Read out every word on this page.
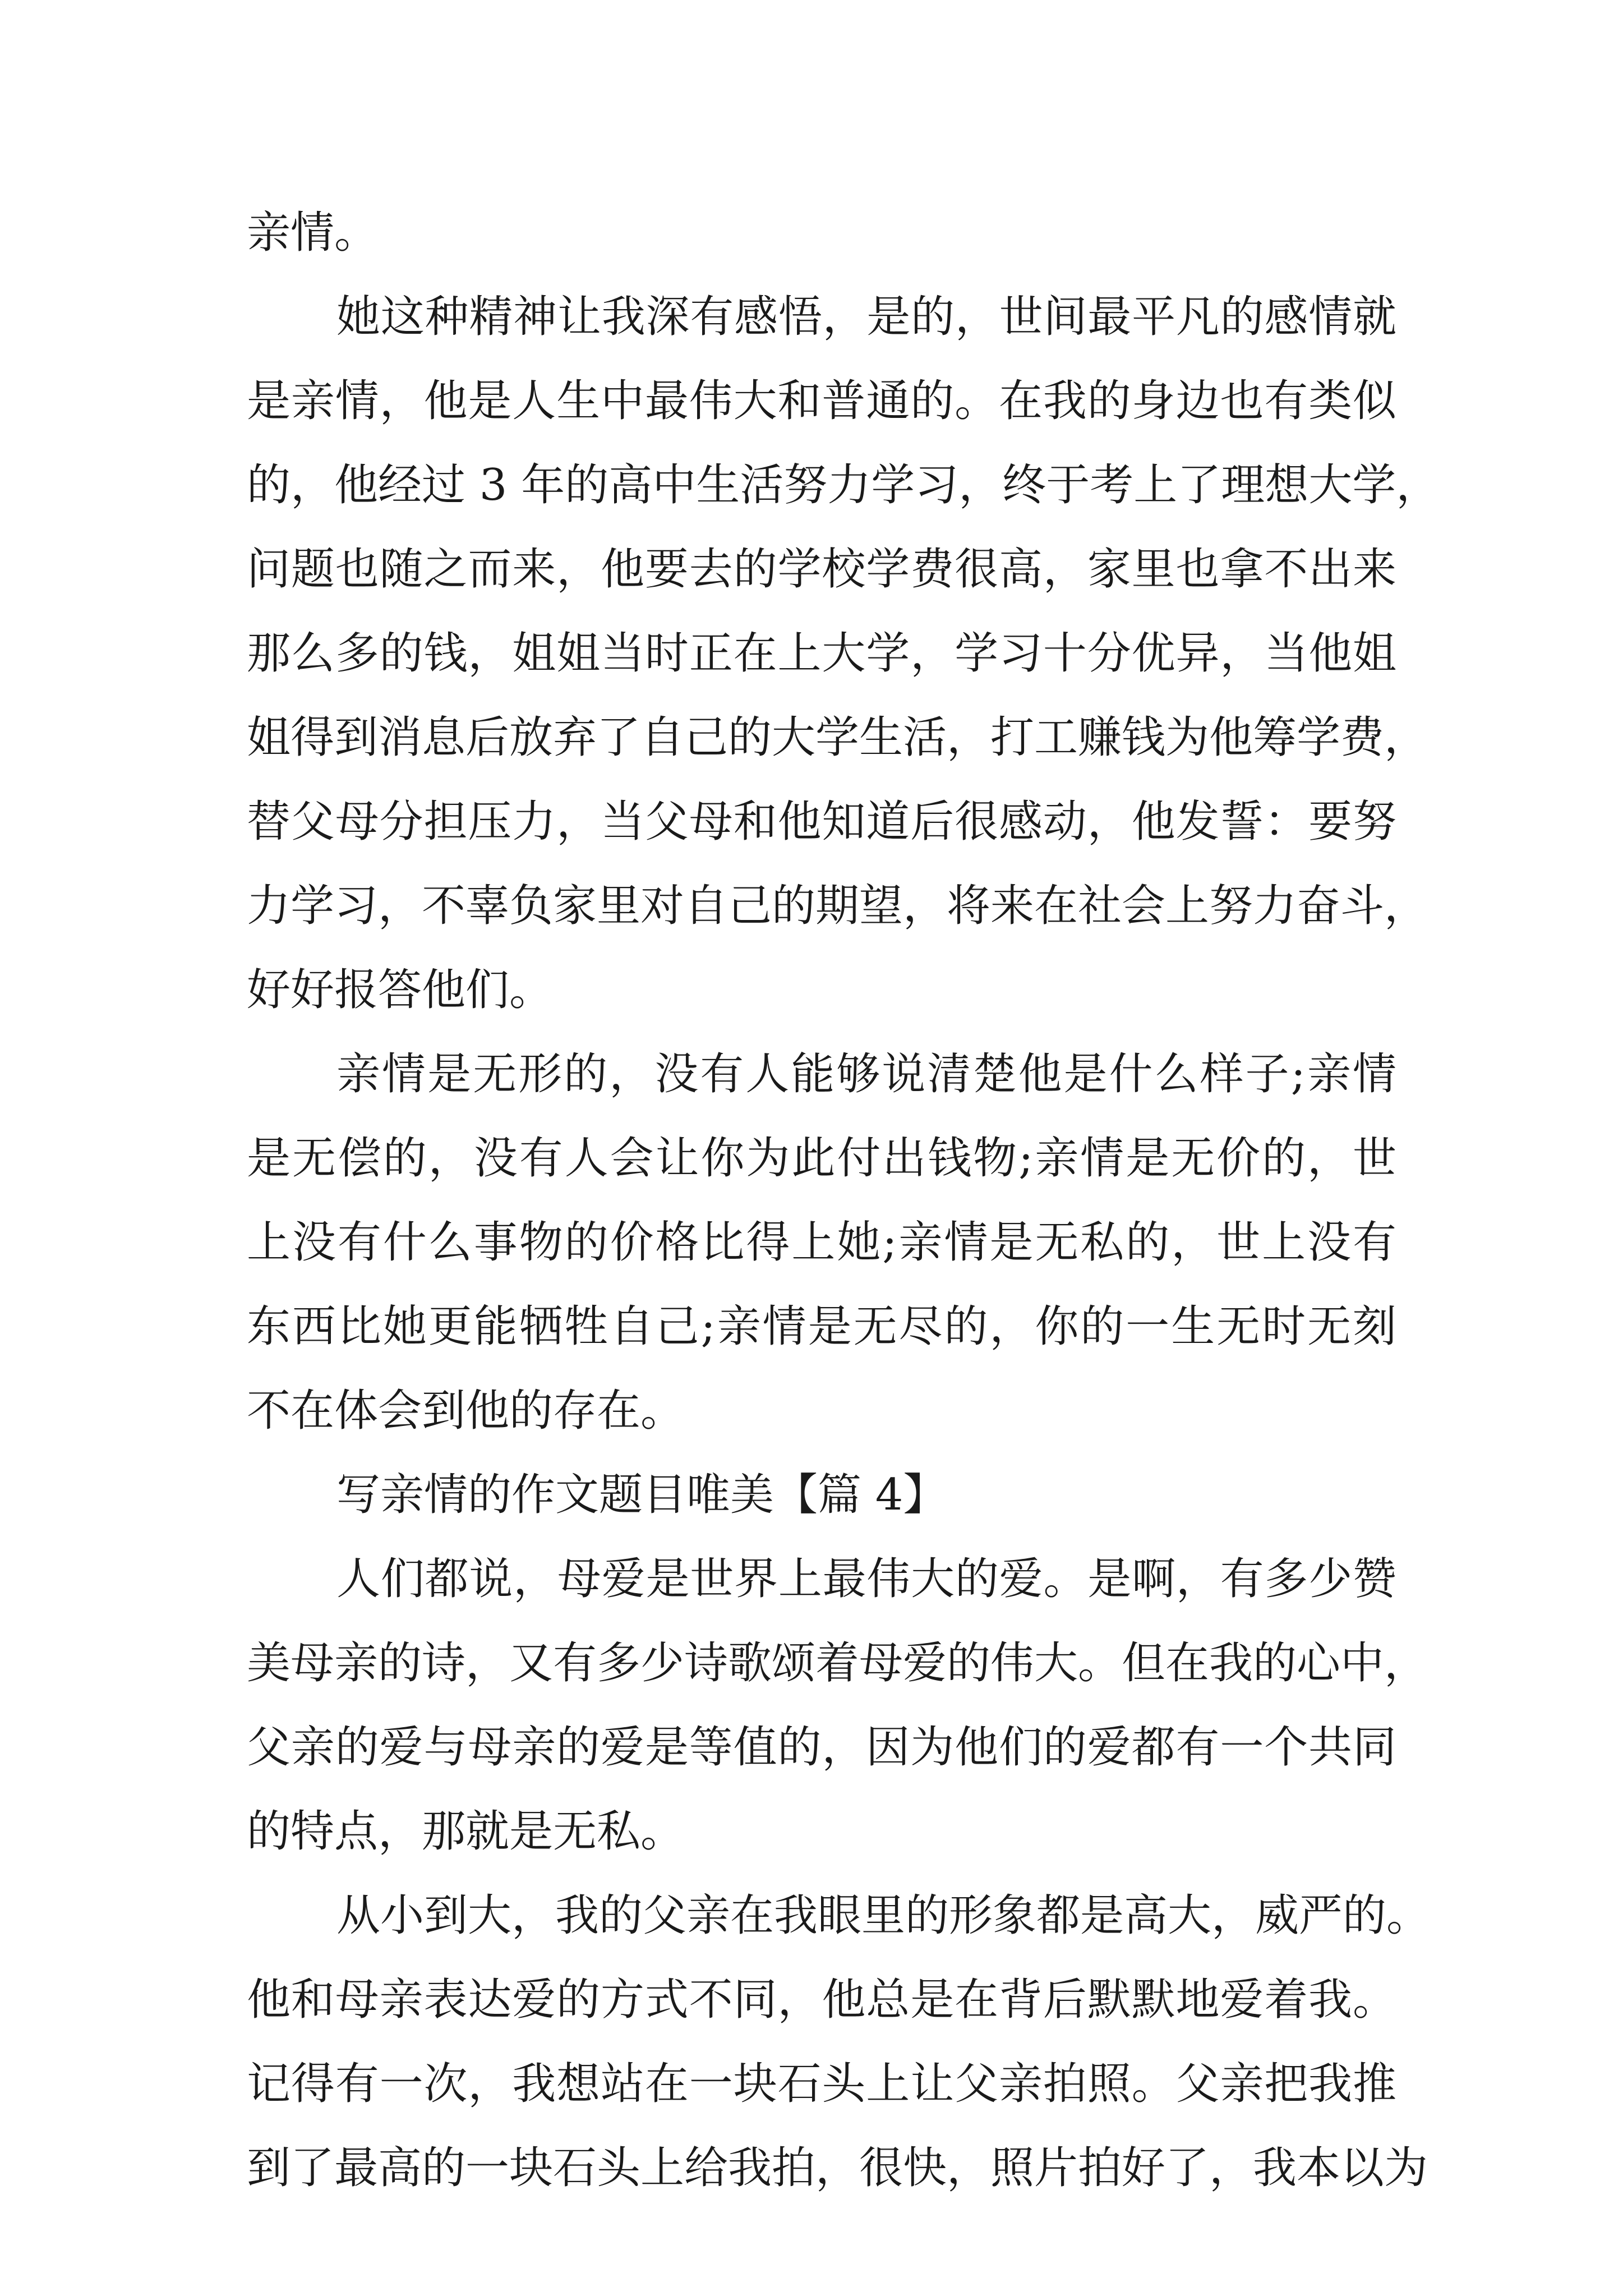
亲情。
她这种精神让我深有感悟，是的，世间最平凡的感情就
是亲情，他是人生中最伟大和普通的。在我的身边也有类似
的，他经过 3 年的高中生活努力学习，终于考上了理想大学，
问题也随之而来，他要去的学校学费很高，家里也拿不出来
那么多的钱，姐姐当时正在上大学，学习十分优异，当他姐
姐得到消息后放弃了自己的大学生活，打工赚钱为他筹学费，
替父母分担压力，当父母和他知道后很感动，他发誓：要努
力学习，不辜负家里对自己的期望，将来在社会上努力奋斗，
好好报答他们。
亲情是无形的，没有人能够说清楚他是什么样子;亲情
是无偿的，没有人会让你为此付出钱物;亲情是无价的，世
上没有什么事物的价格比得上她;亲情是无私的，世上没有
东西比她更能牺牲自己;亲情是无尽的，你的一生无时无刻
不在体会到他的存在。
写亲情的作文题目唯美【篇 4】
人们都说，母爱是世界上最伟大的爱。是啊，有多少赞
美母亲的诗，又有多少诗歌颂着母爱的伟大。但在我的心中，
父亲的爱与母亲的爱是等值的，因为他们的爱都有一个共同
的特点，那就是无私。
从小到大，我的父亲在我眼里的形象都是高大，威严的。
他和母亲表达爱的方式不同，他总是在背后默默地爱着我。
记得有一次，我想站在一块石头上让父亲拍照。父亲把我推
到了最高的一块石头上给我拍，很快，照片拍好了，我本以为
